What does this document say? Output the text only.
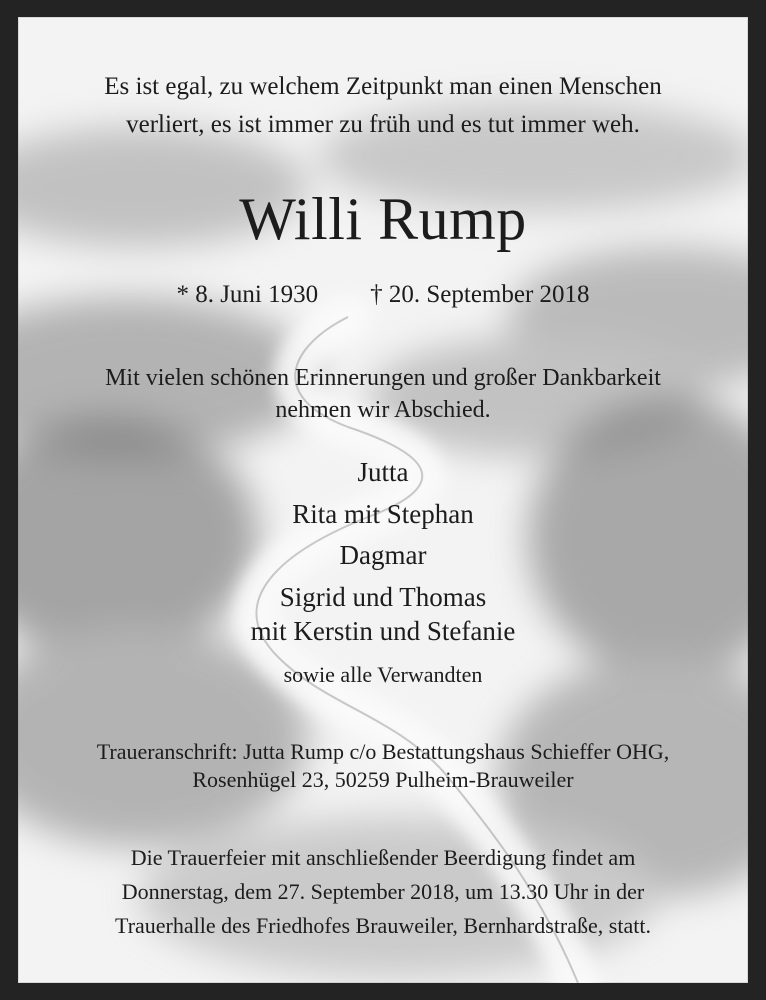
Es ist egal, zu welchem Zeitpunkt man einen Menschen
verliert, es ist immer zu früh und es tut immer weh.
Willi Rump
* 8. Juni 1930 † 20. September 2018
Mit vielen schönen Erinnerungen und großer Dankbarkeit
nehmen wir Abschied.
Jutta
Rita mit Stephan
Dagmar
Sigrid und Thomas
mit Kerstin und Stefanie
sowie alle Verwandten
Traueranschrift: Jutta Rump c/o Bestattungshaus Schieffer OHG,
Rosenhügel 23, 50259 Pulheim-Brauweiler
Die Trauerfeier mit anschließender Beerdigung findet am
Donnerstag, dem 27. September 2018, um 13.30 Uhr in der
Trauerhalle des Friedhofes Brauweiler, Bernhardstraße, statt.
